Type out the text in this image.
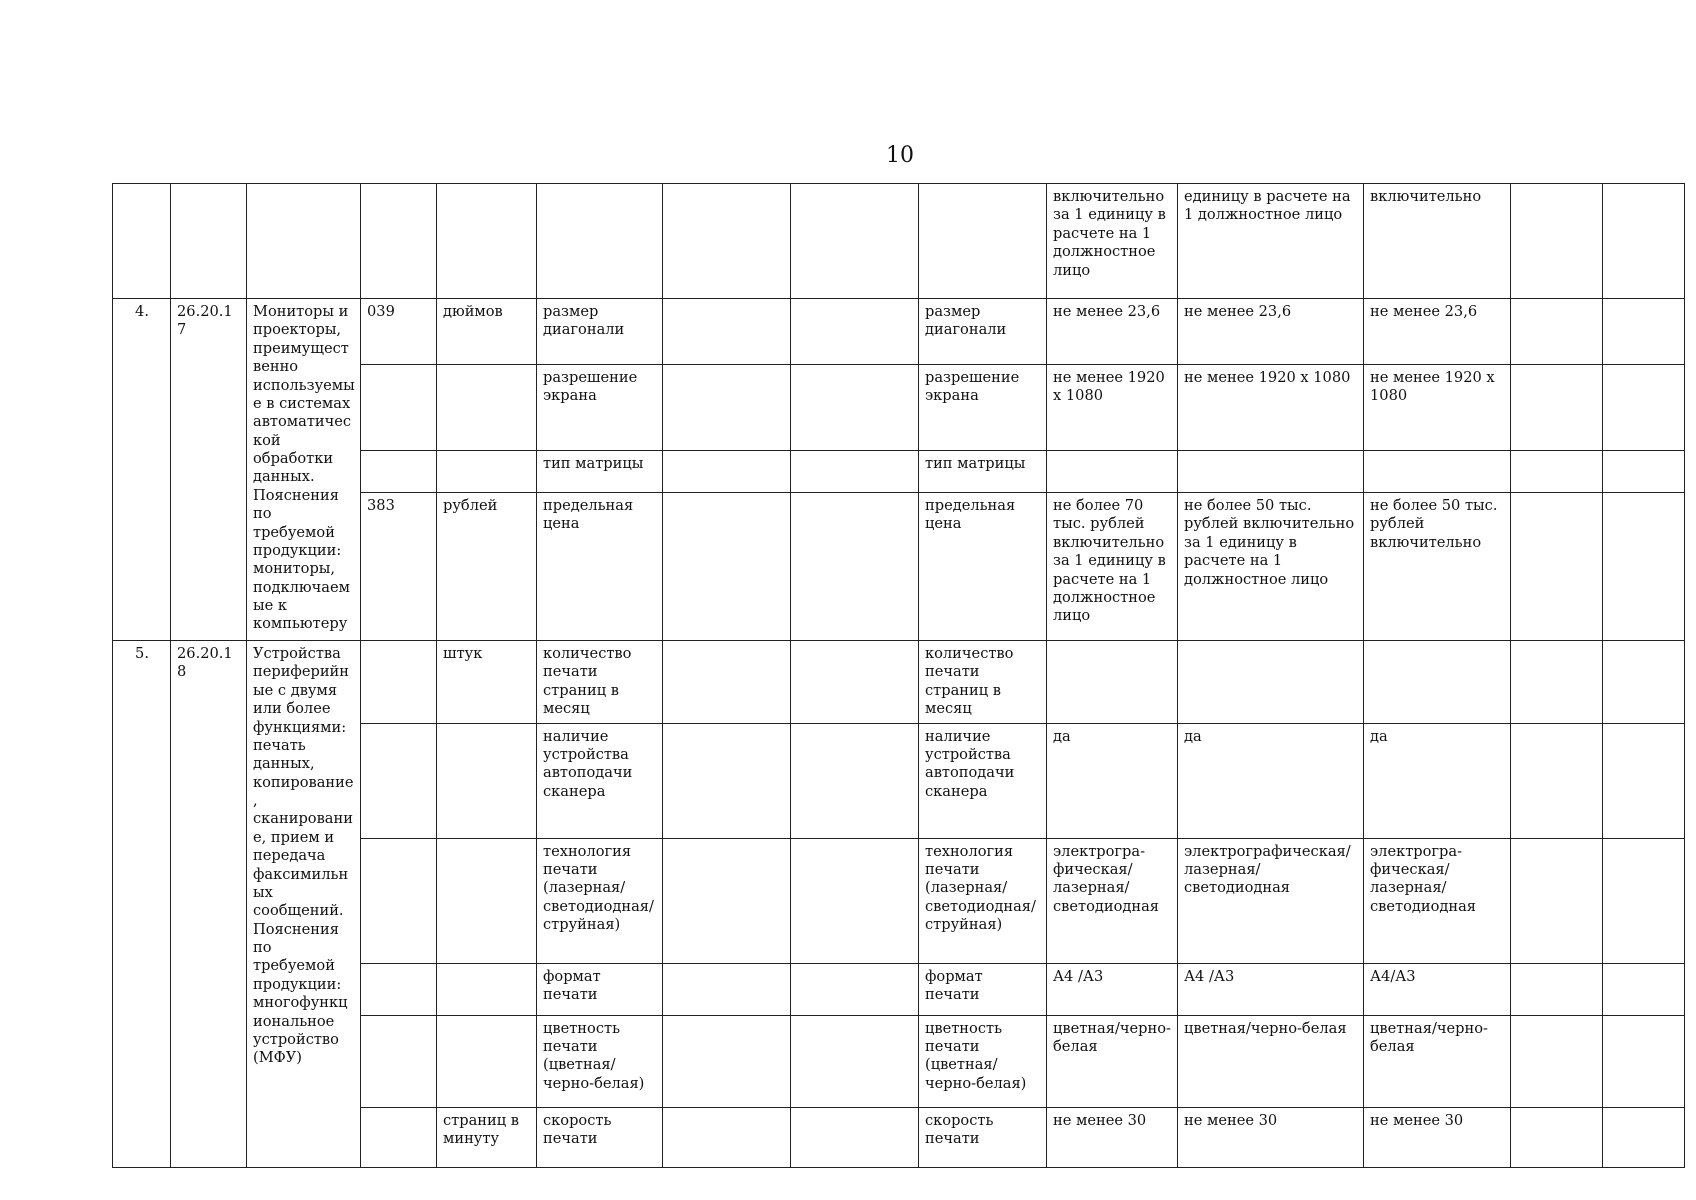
10
									включительно за 1 единицу в расчете на 1 должностное лицо	единицу в расчете на 1 должностное лицо	включительно		
4.	26.20.17	Мониторы и проекторы, преимущественно используемые в системах автоматической обработки данных. Пояснения по требуемой продукции: мониторы, подключаемые к компьютеру	039	дюймов	размер диагонали			размер диагонали	не менее 23,6	не менее 23,6	не менее 23,6		
					разрешение экрана			разрешение экрана	не менее 1920 x 1080	не менее 1920 x 1080	не менее 1920 x 1080		
					тип матрицы			тип матрицы					
			383	рублей	предельная цена			предельная цена	не более 70 тыс. рублей включительно за 1 единицу в расчете на 1 должностное лицо	не более 50 тыс. рублей включительно за 1 единицу в расчете на 1 должностное лицо	не более 50 тыс. рублей включительно		
5.	26.20.18	Устройства периферийные с двумя или более функциями: печать данных, копирование, сканирование, прием и передача факсимильных сообщений. Пояснения по требуемой продукции: многофункциональное устройство (МФУ)		штук	количество печати страниц в месяц			количество печати страниц в месяц					
					наличие устройства автоподачи сканера			наличие устройства автоподачи сканера	да	да	да		
					технология печати (лазерная/светодиодная/струйная)			технология печати (лазерная/светодиодная/струйная)	электрогра-фическая/ лазерная/ светодиодная	электрографическая/ лазерная/ светодиодная	электрогра-фическая/ лазерная/ светодиодная		
					формат печати			формат печати	А4 /А3	А4 /А3	А4/А3		
					цветность печати (цветная/черно-белая)			цветность печати (цветная/черно-белая)	цветная/черно-белая	цветная/черно-белая	цветная/черно-белая		
				страниц в минуту	скорость печати			скорость печати	не менее 30	не менее 30	не менее 30		
